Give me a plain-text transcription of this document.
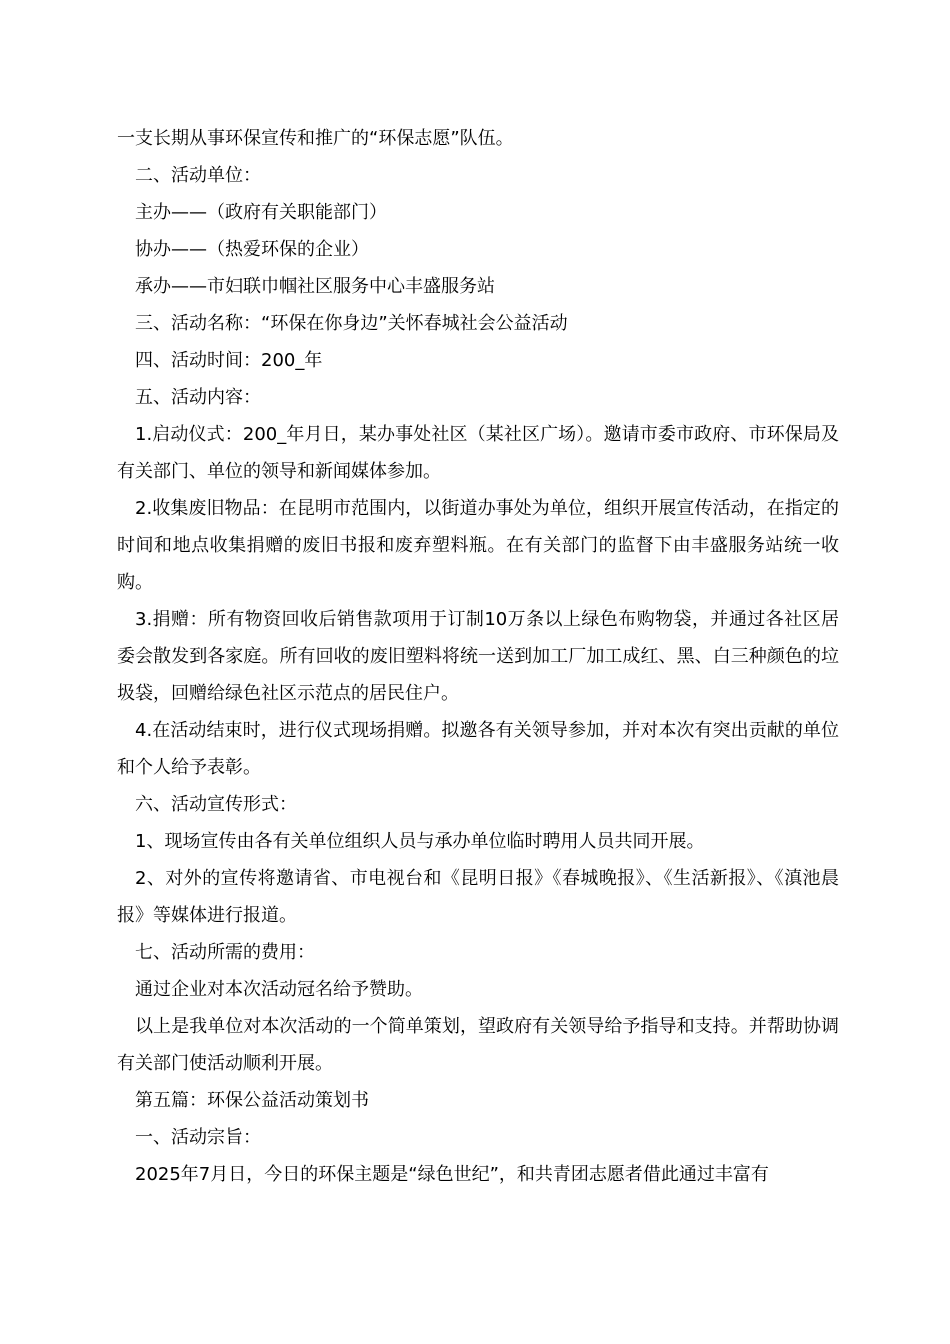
一支长期从事环保宣传和推广的“环保志愿”队伍。

二、活动单位：

主办——（政府有关职能部门）

协办——（热爱环保的企业）

承办——市妇联巾帼社区服务中心丰盛服务站

三、活动名称：“环保在你身边”关怀春城社会公益活动

四、活动时间：200_年

五、活动内容：

1.启动仪式：200_年月日，某办事处社区（某社区广场）。邀请市委市政府、市环保局及有关部门、单位的领导和新闻媒体参加。

2.收集废旧物品：在昆明市范围内，以街道办事处为单位，组织开展宣传活动，在指定的时间和地点收集捐赠的废旧书报和废弃塑料瓶。在有关部门的监督下由丰盛服务站统一收购。

3.捐赠：所有物资回收后销售款项用于订制10万条以上绿色布购物袋，并通过各社区居委会散发到各家庭。所有回收的废旧塑料将统一送到加工厂加工成红、黑、白三种颜色的垃圾袋，回赠给绿色社区示范点的居民住户。

4.在活动结束时，进行仪式现场捐赠。拟邀各有关领导参加，并对本次有突出贡献的单位和个人给予表彰。

六、活动宣传形式：

1、现场宣传由各有关单位组织人员与承办单位临时聘用人员共同开展。

2、对外的宣传将邀请省、市电视台和《昆明日报》《春城晚报》、《生活新报》、《滇池晨报》等媒体进行报道。

七、活动所需的费用：

通过企业对本次活动冠名给予赞助。

以上是我单位对本次活动的一个简单策划，望政府有关领导给予指导和支持。并帮助协调有关部门使活动顺利开展。

第五篇：环保公益活动策划书

一、活动宗旨：

2025年7月日，今日的环保主题是“绿色世纪”，和共青团志愿者借此通过丰富有
